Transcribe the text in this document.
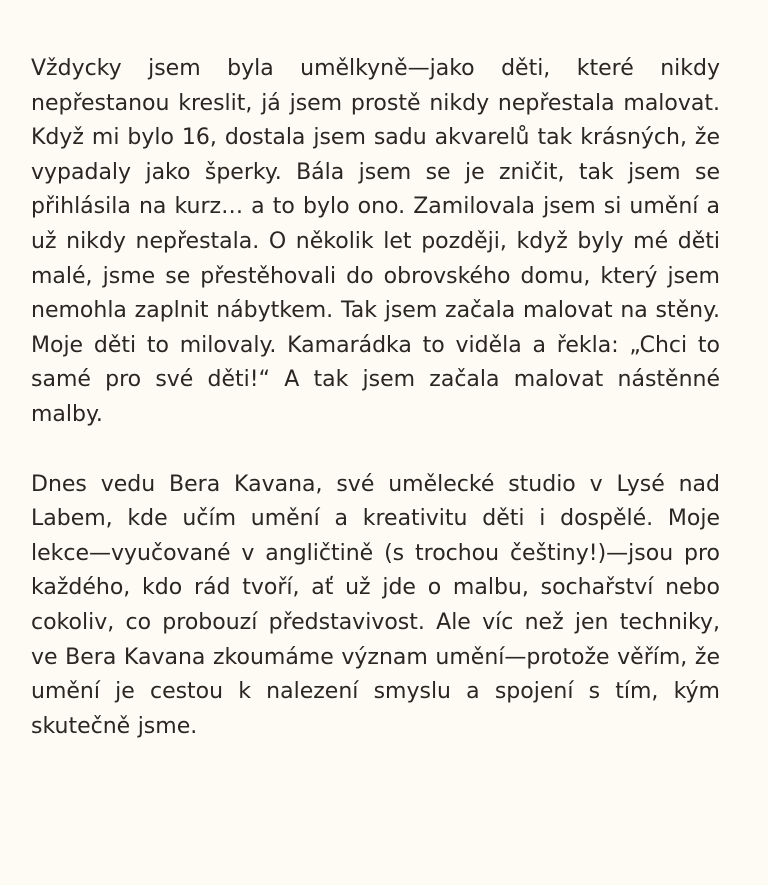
Vždycky jsem byla umělkyně—jako děti, které nikdy nepřestanou kreslit, já jsem prostě nikdy nepřestala malovat. Když mi bylo 16, dostala jsem sadu akvarelů tak krásných, že vypadaly jako šperky. Bála jsem se je zničit, tak jsem se přihlásila na kurz… a to bylo ono. Zamilovala jsem si umění a už nikdy nepřestala. O několik let později, když byly mé děti malé, jsme se přestěhovali do obrovského domu, který jsem nemohla zaplnit nábytkem. Tak jsem začala malovat na stěny. Moje děti to milovaly. Kamarádka to viděla a řekla: „Chci to samé pro své děti!“ A tak jsem začala malovat nástěnné malby.

Dnes vedu Bera Kavana, své umělecké studio v Lysé nad Labem, kde učím umění a kreativitu děti i dospělé. Moje lekce—vyučované v angličtině (s trochou češtiny!)—jsou pro každého, kdo rád tvoří, ať už jde o malbu, sochařství nebo cokoliv, co probouzí představivost. Ale víc než jen techniky, ve Bera Kavana zkoumáme význam umění—protože věřím, že umění je cestou k nalezení smyslu a spojení s tím, kým skutečně jsme.
